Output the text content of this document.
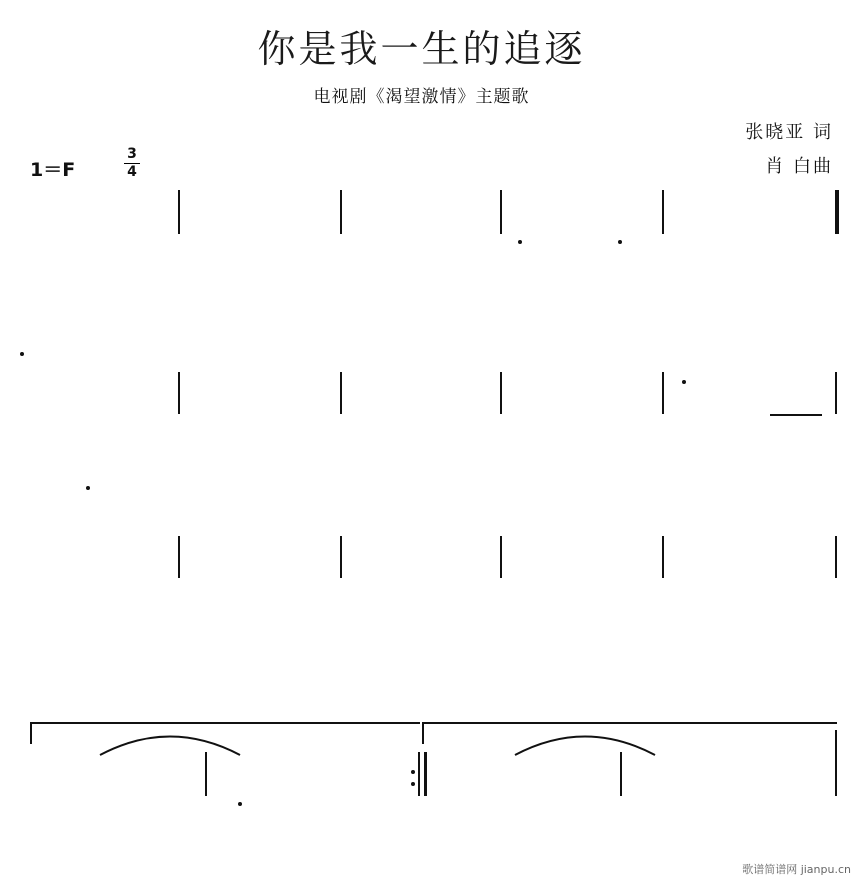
你是我一生的追逐
电视剧《渴望激情》主题歌
张晓亚 词
肖 白曲
1＝F
3
4
歌谱简谱网 jianpu.cn
